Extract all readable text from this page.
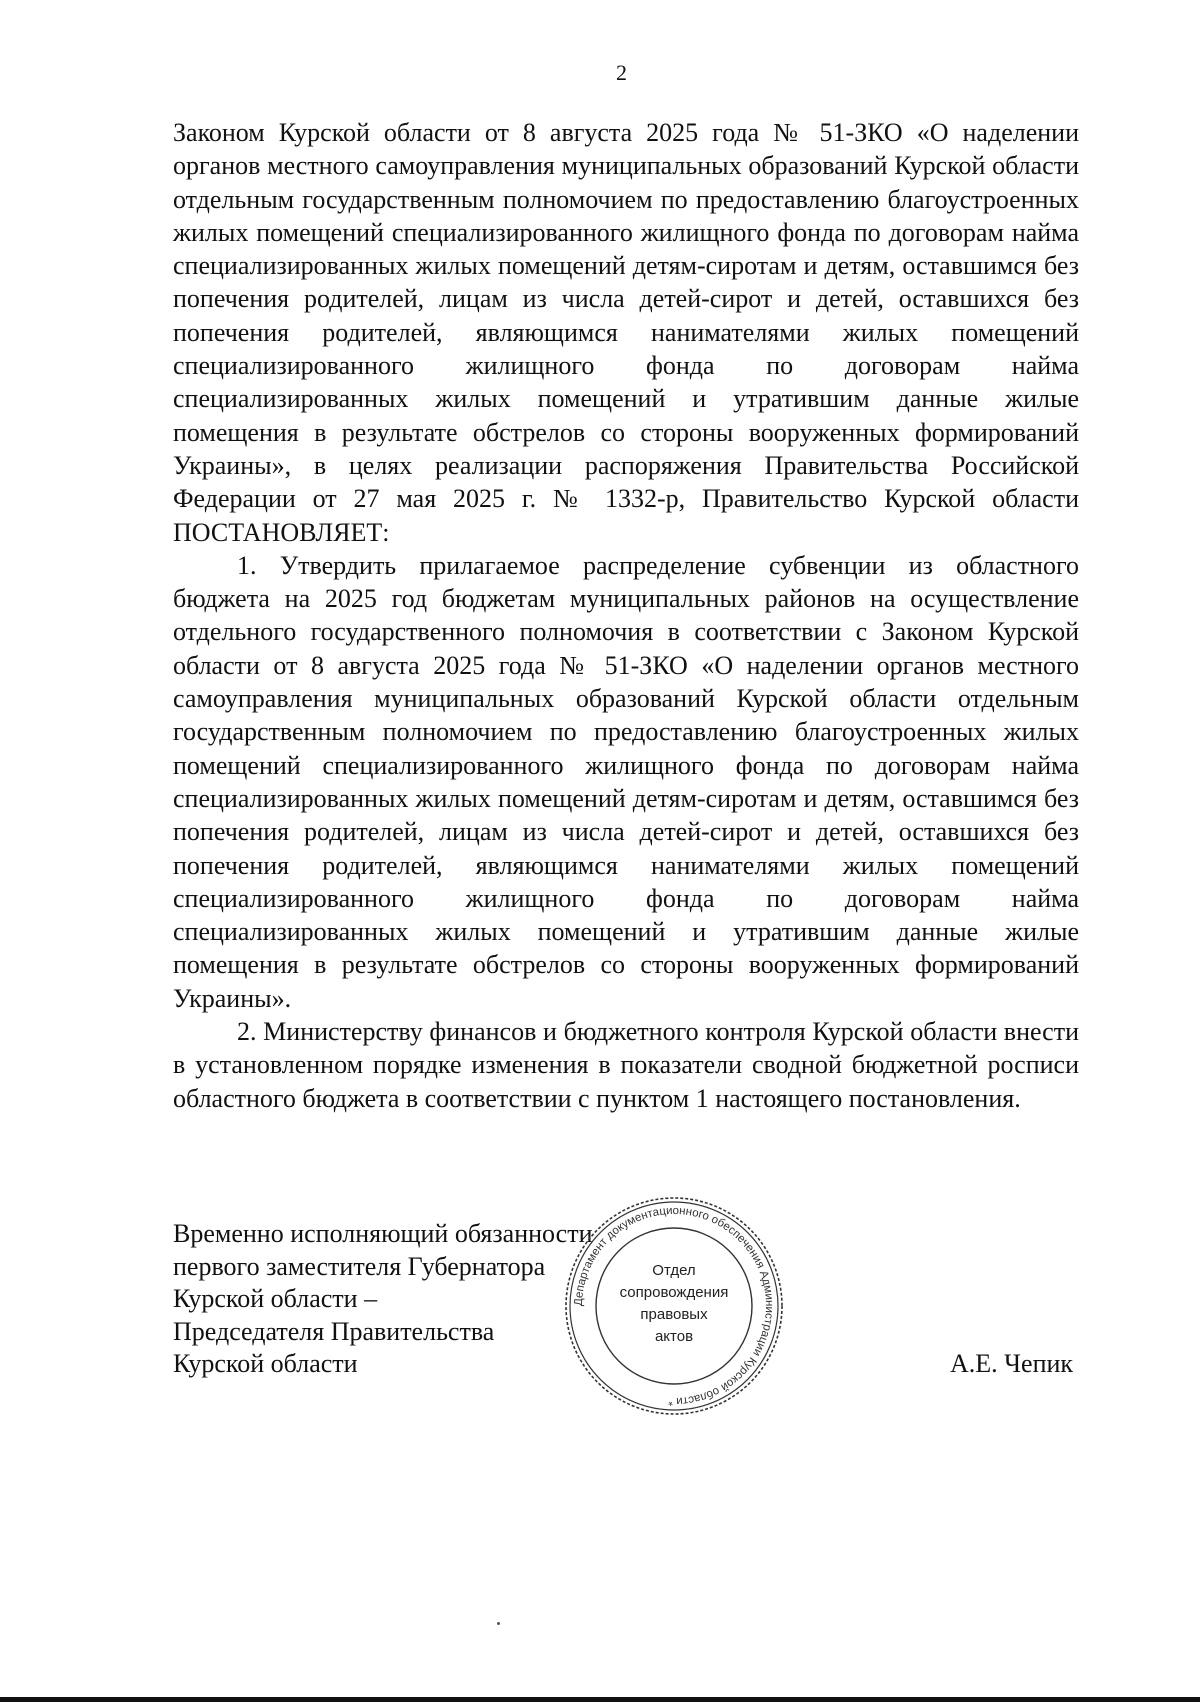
2

Законом Курской области от 8 августа 2025 года № 51-ЗКО «О наделении органов местного самоуправления муниципальных образований Курской области отдельным государственным полномочием по предоставлению благоустроенных жилых помещений специализированного жилищного фонда по договорам найма специализированных жилых помещений детям-сиротам и детям, оставшимся без попечения родителей, лицам из числа детей-сирот и детей, оставшихся без попечения родителей, являющимся нанимателями жилых помещений специализированного жилищного фонда по договорам найма специализированных жилых помещений и утратившим данные жилые помещения в результате обстрелов со стороны вооруженных формирований Украины», в целях реализации распоряжения Правительства Российской Федерации от 27 мая 2025 г. № 1332-р, Правительство Курской области ПОСТАНОВЛЯЕТ:

1. Утвердить прилагаемое распределение субвенции из областного бюджета на 2025 год бюджетам муниципальных районов на осуществление отдельного государственного полномочия в соответствии с Законом Курской области от 8 августа 2025 года № 51-ЗКО «О наделении органов местного самоуправления муниципальных образований Курской области отдельным государственным полномочием по предоставлению благоустроенных жилых помещений специализированного жилищного фонда по договорам найма специализированных жилых помещений детям-сиротам и детям, оставшимся без попечения родителей, лицам из числа детей-сирот и детей, оставшихся без попечения родителей, являющимся нанимателями жилых помещений специализированного жилищного фонда по договорам найма специализированных жилых помещений и утратившим данные жилые помещения в результате обстрелов со стороны вооруженных формирований Украины».

2. Министерству финансов и бюджетного контроля Курской области внести в установленном порядке изменения в показатели сводной бюджетной росписи областного бюджета в соответствии с пунктом 1 настоящего постановления.

Временно исполняющий обязанности
первого заместителя Губернатора
Курской области –
Председателя Правительства
Курской области
Департамент документационного обеспечения Администрации Курской области *
Отдел
сопровождения
правовых
актов
А.Е. Чепик
